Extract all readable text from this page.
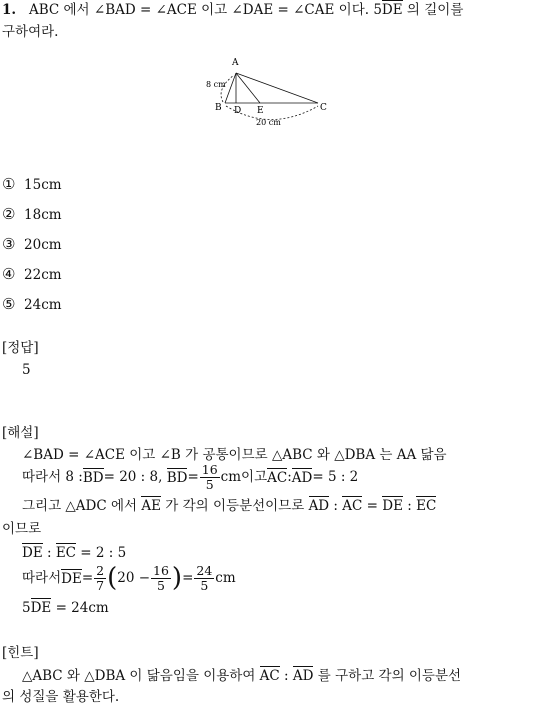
1. ABC 에서 ∠BAD = ∠ACE 이고 ∠DAE = ∠CAE 이다. 5DE 의 길이를
구하여라.
A
B	C
D E
8 cm
20 cm
① 15cm
② 18cm
③ 20cm
④ 22cm
⑤ 24cm
[정답]
5
[해설]
∠BAD = ∠ACE 이고 ∠B 가 공통이므로 △ABC 와 △DBA 는 AA 닮음
따라서 8 : BD = 20 : 8,
BD = $\frac{16}{5}$ cm 이고 AC : AD = 5 : 2
그리고 △ADC 에서 AE 가 각의 이등분선이므로 AD : AC = DE : EC
이므로
DE : EC = 2 : 5
따라서 DE = $\frac{2}{7}$ ( $20 - \frac{16}{5}$ ) = $\frac{24}{5}$ cm
5DE = 24cm
[힌트]
△ABC 와 △DBA 이 닮음임을 이용하여 AC : AD 를 구하고 각의 이등분선
의 성질을 활용한다.
